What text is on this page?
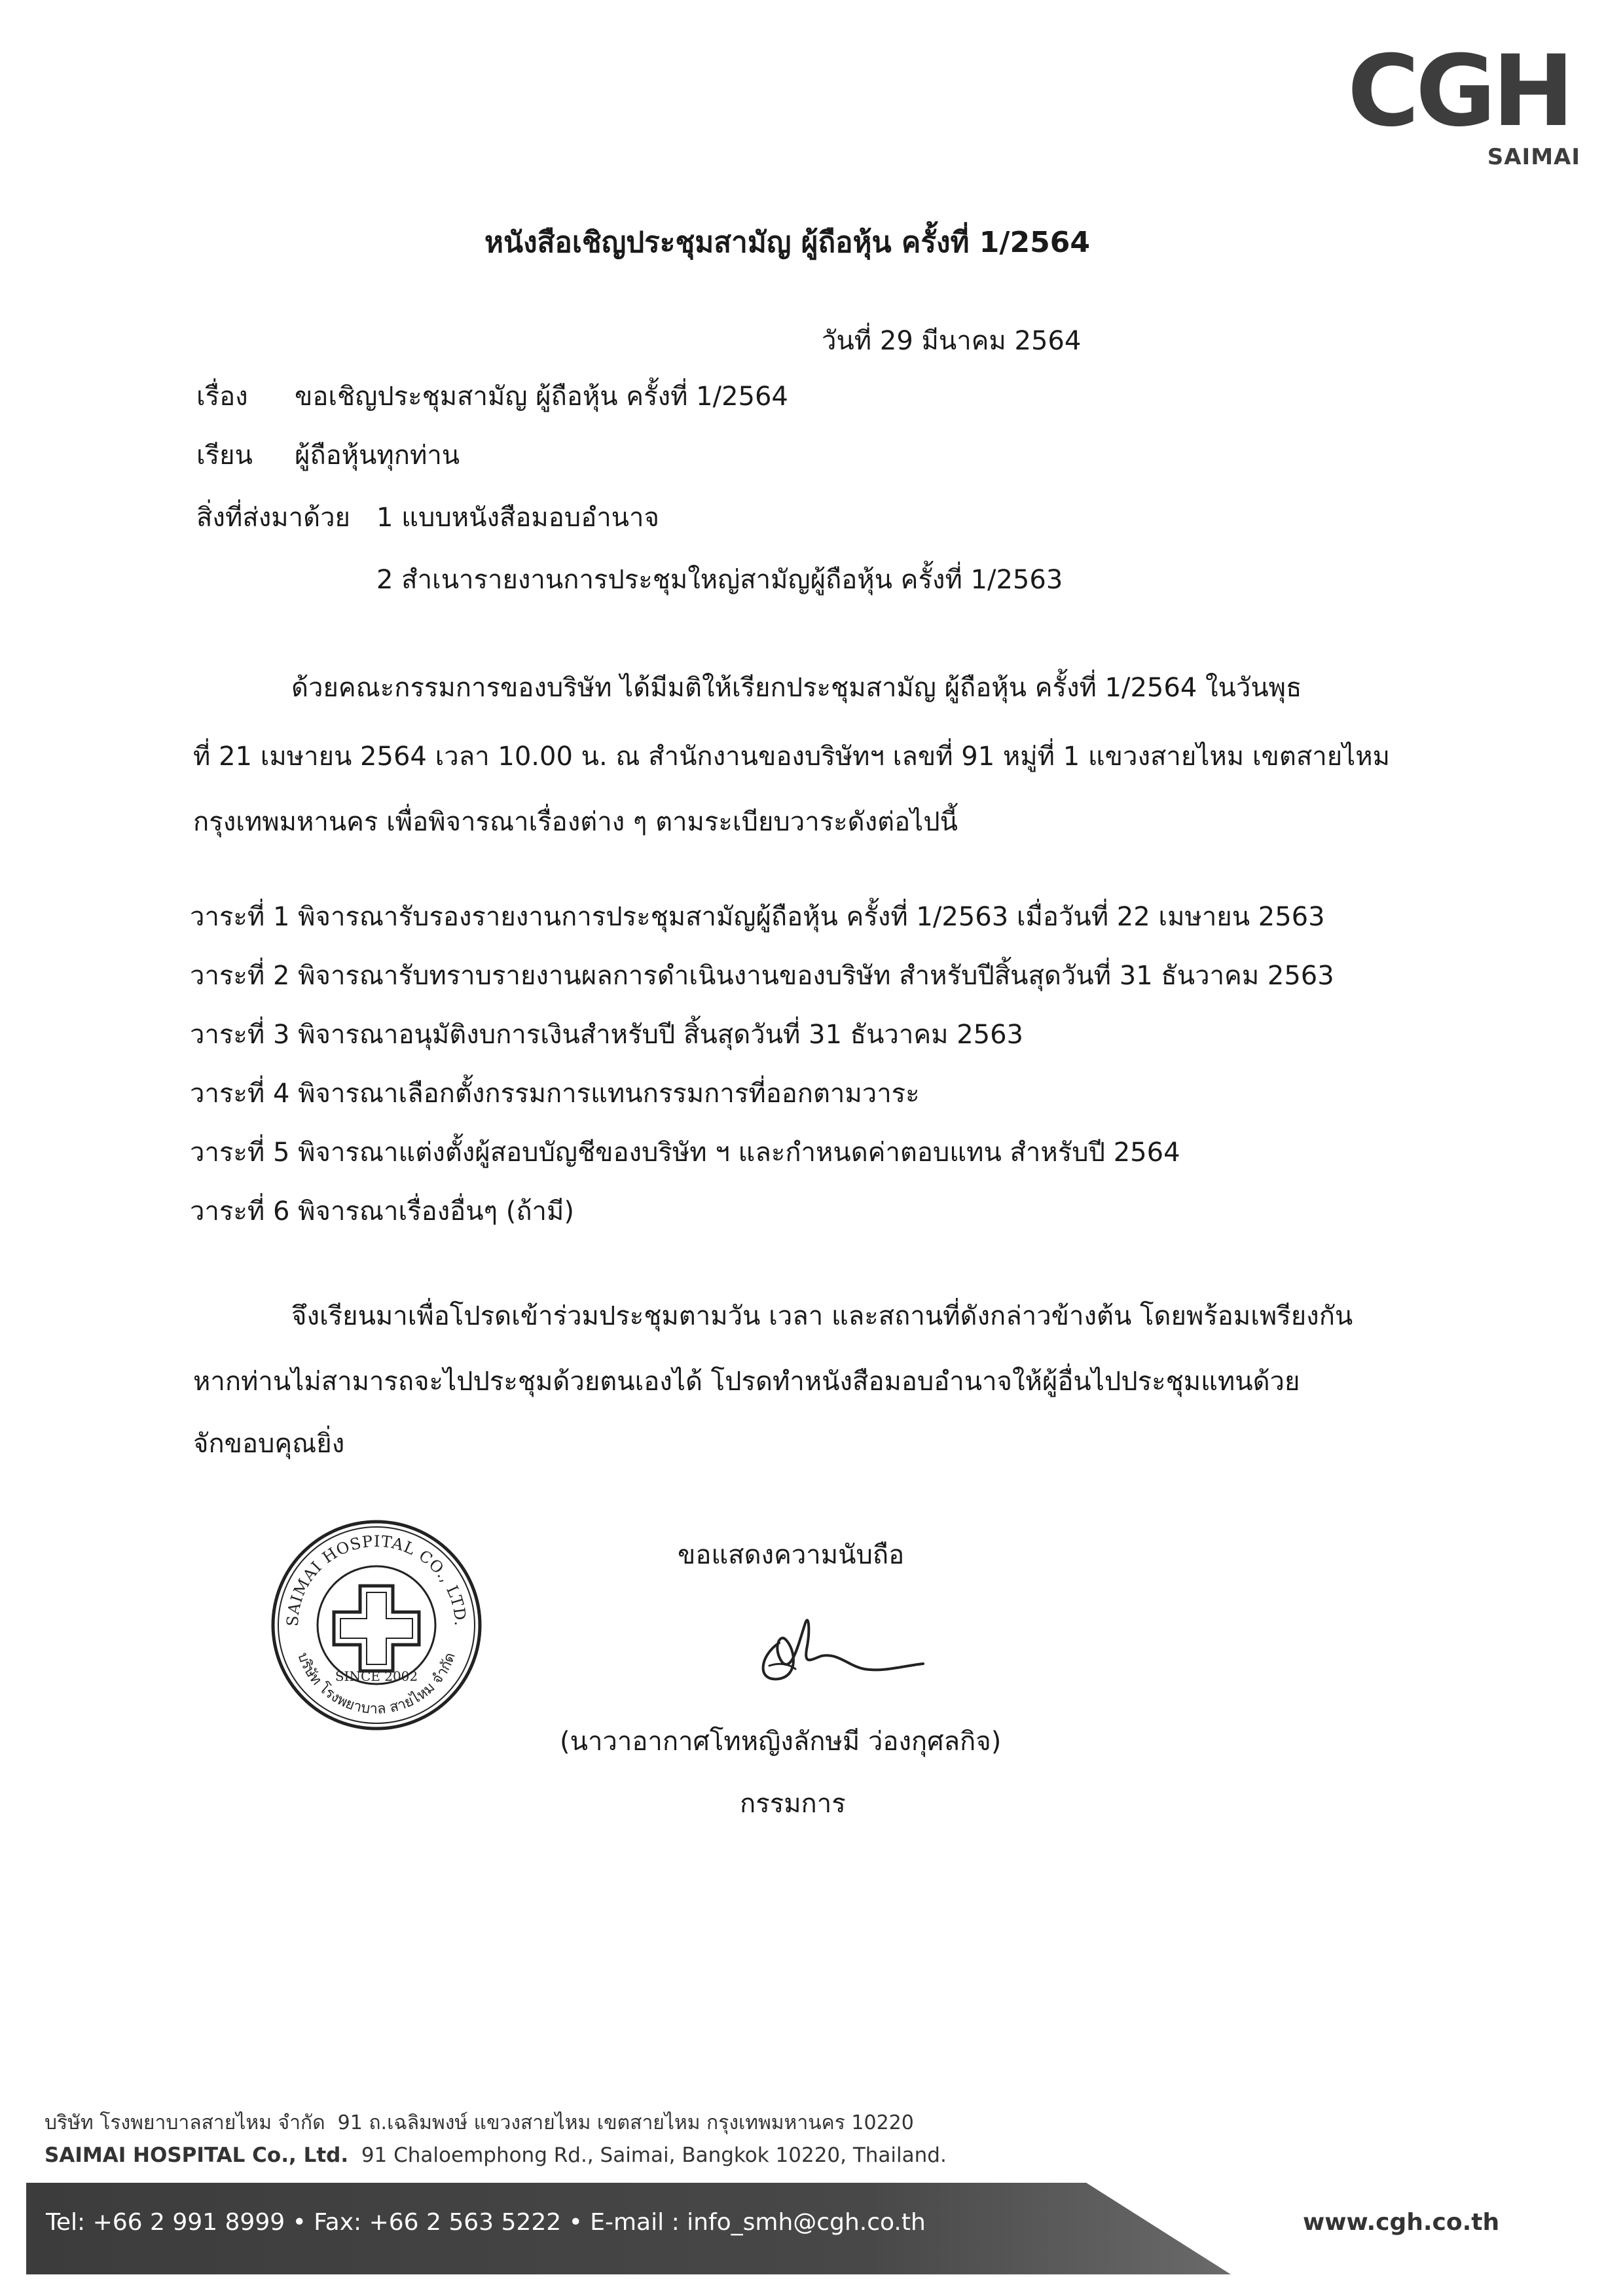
CGH
SAIMAI
หนังสือเชิญประชุมสามัญ ผู้ถือหุ้น ครั้งที่ 1/2564
วันที่ 29 มีนาคม 2564
เรื่อง ขอเชิญประชุมสามัญ ผู้ถือหุ้น ครั้งที่ 1/2564
เรียน ผู้ถือหุ้นทุกท่าน
สิ่งที่ส่งมาด้วย 1 แบบหนังสือมอบอำนาจ
2 สำเนารายงานการประชุมใหญ่สามัญผู้ถือหุ้น ครั้งที่ 1/2563
ด้วยคณะกรรมการของบริษัท ได้มีมติให้เรียกประชุมสามัญ ผู้ถือหุ้น ครั้งที่ 1/2564 ในวันพุธ
ที่ 21 เมษายน 2564 เวลา 10.00 น. ณ สำนักงานของบริษัทฯ เลขที่ 91 หมู่ที่ 1 แขวงสายไหม เขตสายไหม
กรุงเทพมหานคร เพื่อพิจารณาเรื่องต่าง ๆ ตามระเบียบวาระดังต่อไปนี้
วาระที่ 1 พิจารณารับรองรายงานการประชุมสามัญผู้ถือหุ้น ครั้งที่ 1/2563 เมื่อวันที่ 22 เมษายน 2563
วาระที่ 2 พิจารณารับทราบรายงานผลการดำเนินงานของบริษัท สำหรับปีสิ้นสุดวันที่ 31 ธันวาคม 2563
วาระที่ 3 พิจารณาอนุมัติงบการเงินสำหรับปี สิ้นสุดวันที่ 31 ธันวาคม 2563
วาระที่ 4 พิจารณาเลือกตั้งกรรมการแทนกรรมการที่ออกตามวาระ
วาระที่ 5 พิจารณาแต่งตั้งผู้สอบบัญชีของบริษัท ฯ และกำหนดค่าตอบแทน สำหรับปี 2564
วาระที่ 6 พิจารณาเรื่องอื่นๆ (ถ้ามี)
จึงเรียนมาเพื่อโปรดเข้าร่วมประชุมตามวัน เวลา และสถานที่ดังกล่าวข้างต้น โดยพร้อมเพรียงกัน
หากท่านไม่สามารถจะไปประชุมด้วยตนเองได้ โปรดทำหนังสือมอบอำนาจให้ผู้อื่นไปประชุมแทนด้วย
จักขอบคุณยิ่ง
ขอแสดงความนับถือ
SAIMAI HOSPITAL CO., LTD.
บริษัท โรงพยาบาล สายไหม จำกัด
SINCE 2002
(นาวาอากาศโทหญิงลักษมี ว่องกุศลกิจ)
กรรมการ
บริษัท โรงพยาบาลสายไหม จำกัด 91 ถ.เฉลิมพงษ์ แขวงสายไหม เขตสายไหม กรุงเทพมหานคร 10220
SAIMAI HOSPITAL Co., Ltd. 91 Chaloemphong Rd., Saimai, Bangkok 10220, Thailand.
Tel: +66 2 991 8999 • Fax: +66 2 563 5222 • E-mail : info_smh@cgh.co.th	www.cgh.co.th
